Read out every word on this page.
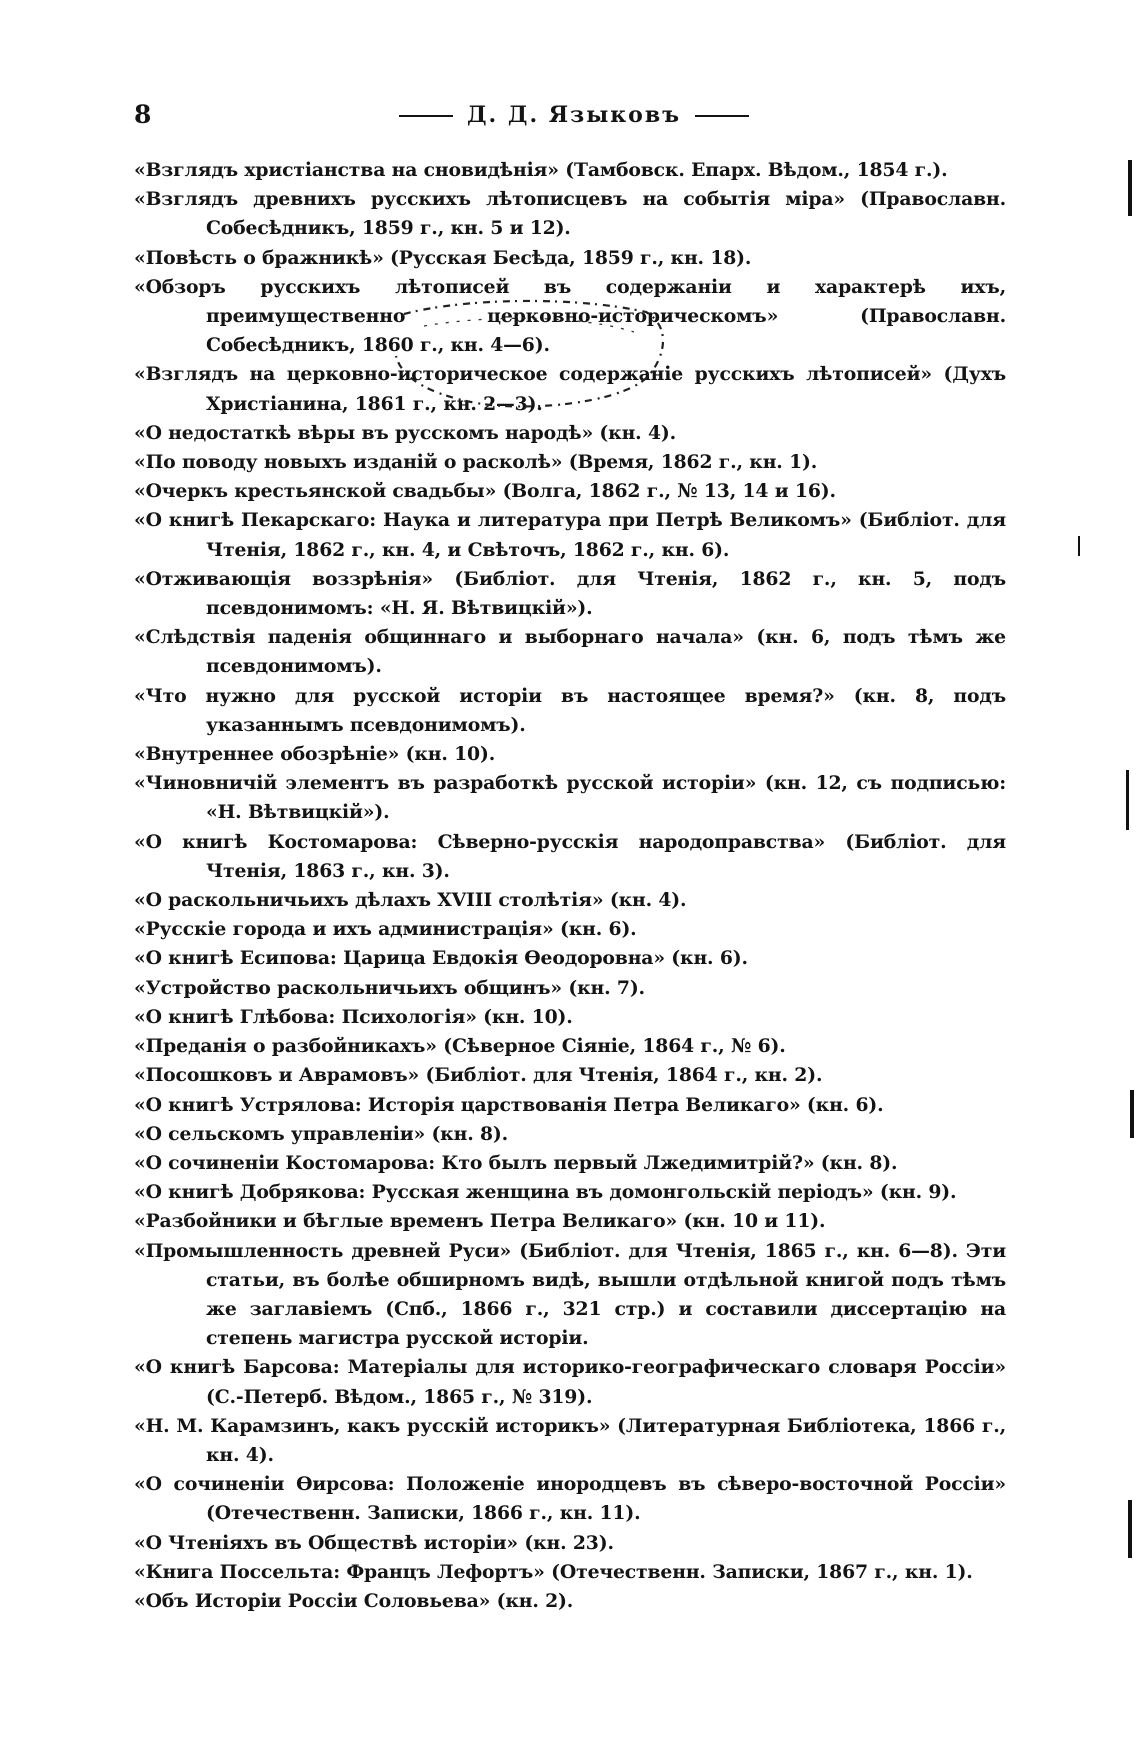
8	Д. Д. Языковъ

«Взглядъ христіанства на сновидѣнія» (Тамбовск. Епарх. Вѣдом., 1854 г.).

«Взглядъ древнихъ русскихъ лѣтописцевъ на событія міра» (Православн. Собесѣдникъ, 1859 г., кн. 5 и 12).

«Повѣсть о бражникѣ» (Русская Бесѣда, 1859 г., кн. 18).

«Обзоръ русскихъ лѣтописей въ содержаніи и характерѣ ихъ, преимущественно церковно-историческомъ» (Православн. Собесѣдникъ, 1860 г., кн. 4—6).

«Взглядъ на церковно-историческое содержаніе русскихъ лѣтописей» (Духъ Христіанина, 1861 г., кн. 2—3).

«О недостаткѣ вѣры въ русскомъ народѣ» (кн. 4).

«По поводу новыхъ изданій о расколѣ» (Время, 1862 г., кн. 1).

«Очеркъ крестьянской свадьбы» (Волга, 1862 г., № 13, 14 и 16).

«О книгѣ Пекарскаго: Наука и литература при Петрѣ Великомъ» (Библіот. для Чтенія, 1862 г., кн. 4, и Свѣточъ, 1862 г., кн. 6).

«Отживающія воззрѣнія» (Библіот. для Чтенія, 1862 г., кн. 5, подъ псевдонимомъ: «Н. Я. Вѣтвицкій»).

«Слѣдствія паденія общиннаго и выборнаго начала» (кн. 6, подъ тѣмъ же псевдонимомъ).

«Что нужно для русской исторіи въ настоящее время?» (кн. 8, подъ указаннымъ псевдонимомъ).

«Внутреннее обозрѣніе» (кн. 10).

«Чиновничій элементъ въ разработкѣ русской исторіи» (кн. 12, съ подписью: «Н. Вѣтвицкій»).

«О книгѣ Костомарова: Сѣверно-русскія народоправства» (Библіот. для Чтенія, 1863 г., кн. 3).

«О раскольничьихъ дѣлахъ XVIII столѣтія» (кн. 4).

«Русскіе города и ихъ администрація» (кн. 6).

«О книгѣ Есипова: Царица Евдокія Ѳеодоровна» (кн. 6).

«Устройство раскольничьихъ общинъ» (кн. 7).

«О книгѣ Глѣбова: Психологія» (кн. 10).

«Преданія о разбойникахъ» (Сѣверное Сіяніе, 1864 г., № 6).

«Посошковъ и Аврамовъ» (Библіот. для Чтенія, 1864 г., кн. 2).

«О книгѣ Устрялова: Исторія царствованія Петра Великаго» (кн. 6).

«О сельскомъ управленіи» (кн. 8).

«О сочиненіи Костомарова: Кто былъ первый Лжедимитрій?» (кн. 8).

«О книгѣ Добрякова: Русская женщина въ домонгольскій періодъ» (кн. 9).

«Разбойники и бѣглые временъ Петра Великаго» (кн. 10 и 11).

«Промышленность древней Руси» (Библіот. для Чтенія, 1865 г., кн. 6—8). Эти статьи, въ болѣе обширномъ видѣ, вышли отдѣльной книгой подъ тѣмъ же заглавіемъ (Спб., 1866 г., 321 стр.) и составили диссертацію на степень магистра русской исторіи.

«О книгѣ Барсова: Матеріалы для историко-географическаго словаря Россіи» (С.-Петерб. Вѣдом., 1865 г., № 319).

«Н. М. Карамзинъ, какъ русскій историкъ» (Литературная Библіотека, 1866 г., кн. 4).

«О сочиненіи Ѳирсова: Положеніе инородцевъ въ сѣверо-восточной Россіи» (Отечественн. Записки, 1866 г., кн. 11).

«О Чтеніяхъ въ Обществѣ исторіи» (кн. 23).

«Книга Поссельта: Францъ Лефортъ» (Отечественн. Записки, 1867 г., кн. 1).

«Объ Исторіи Россіи Соловьева» (кн. 2).
